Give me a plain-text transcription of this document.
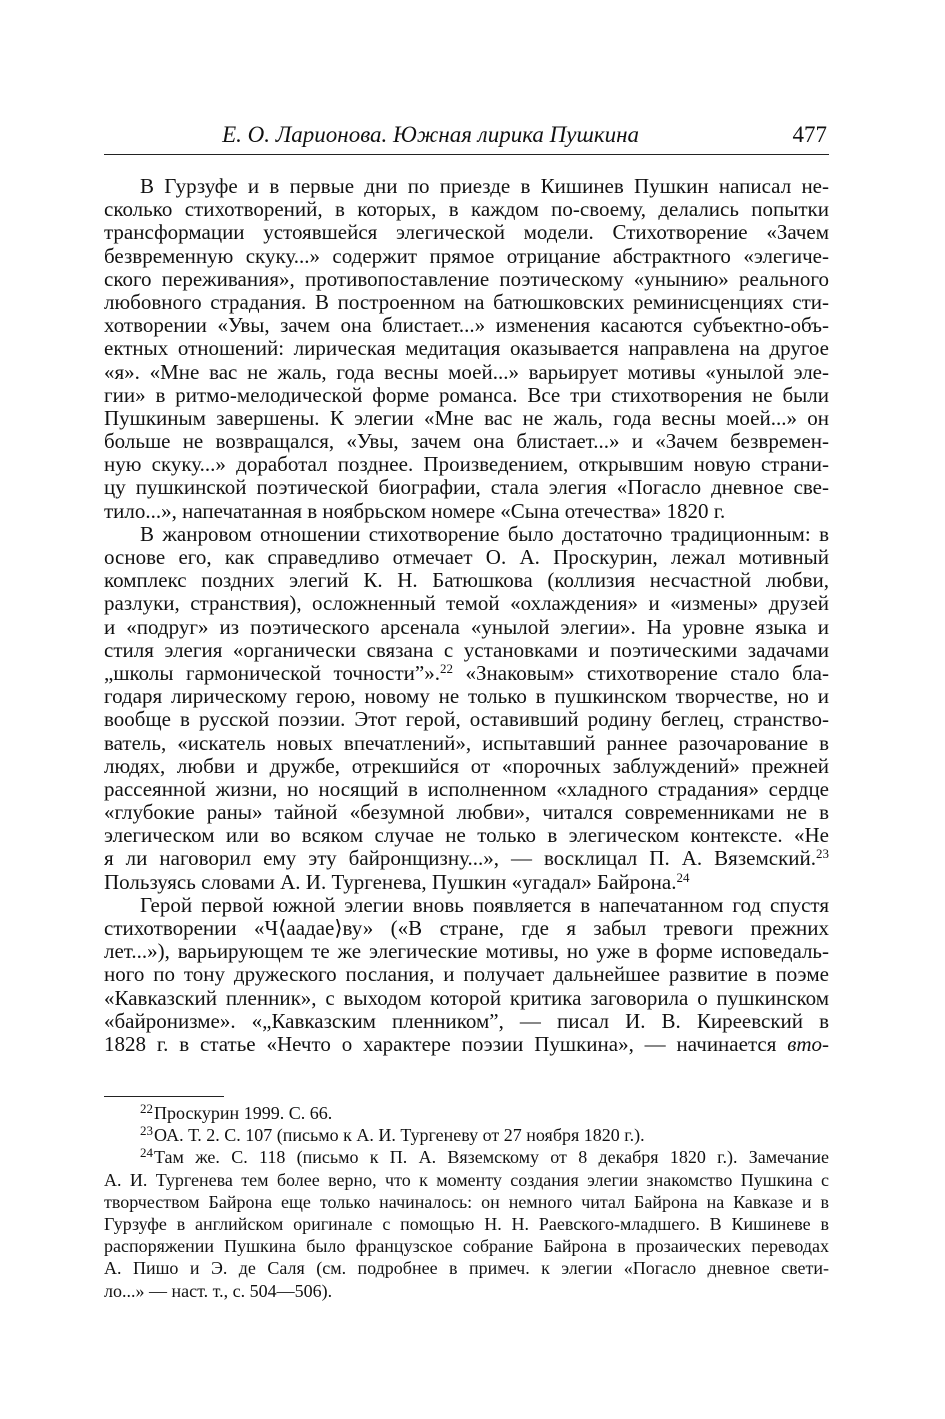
Е. О. Ларионова. Южная лирика Пушкина	477
В Гурзуфе и в первые дни по приезде в Кишинев Пушкин написал не-
сколько стихотворений, в которых, в каждом по-своему, делались попытки
трансформации устоявшейся элегической модели. Стихотворение «Зачем
безвременную скуку...» содержит прямое отрицание абстрактного «элегиче-
ского переживания», противопоставление поэтическому «унынию» реального
любовного страдания. В построенном на батюшковских реминисценциях сти-
хотворении «Увы, зачем она блистает...» изменения касаются субъектно-объ-
ектных отношений: лирическая медитация оказывается направлена на другое
«я». «Мне вас не жаль, года весны моей...» варьирует мотивы «унылой эле-
гии» в ритмо-мелодической форме романса. Все три стихотворения не были
Пушкиным завершены. К элегии «Мне вас не жаль, года весны моей...» он
больше не возвращался, «Увы, зачем она блистает...» и «Зачем безвремен-
ную скуку...» доработал позднее. Произведением, открывшим новую страни-
цу пушкинской поэтической биографии, стала элегия «Погасло дневное све-
тило...», напечатанная в ноябрьском номере «Сына отечества» 1820 г.
В жанровом отношении стихотворение было достаточно традиционным: в
основе его, как справедливо отмечает О. А. Проскурин, лежал мотивный
комплекс поздних элегий К. Н. Батюшкова (коллизия несчастной любви,
разлуки, странствия), осложненный темой «охлаждения» и «измены» друзей
и «подруг» из поэтического арсенала «унылой элегии». На уровне языка и
стиля элегия «органически связана с установками и поэтическими задачами
„школы гармонической точности”».$^{22}$ «Знаковым» стихотворение стало бла-
годаря лирическому герою, новому не только в пушкинском творчестве, но и
вообще в русской поэзии. Этот герой, оставивший родину беглец, странство-
ватель, «искатель новых впечатлений», испытавший раннее разочарование в
людях, любви и дружбе, отрекшийся от «порочных заблуждений» прежней
рассеянной жизни, но носящий в исполненном «хладного страдания» сердце
«глубокие раны» тайной «безумной любви», читался современниками не в
элегическом или во всяком случае не только в элегическом контексте. «Не
я ли наговорил ему эту байронщизну...», — восклицал П. А. Вяземский.$^{23}$
Пользуясь словами А. И. Тургенева, Пушкин «угадал» Байрона.$^{24}$
Герой первой южной элегии вновь появляется в напечатанном год спустя
стихотворении «Ч⟨аадае⟩ву» («В стране, где я забыл тревоги прежних
лет...»), варьирующем те же элегические мотивы, но уже в форме исповедаль-
ного по тону дружеского послания, и получает дальнейшее развитие в поэме
«Кавказский пленник», с выходом которой критика заговорила о пушкинском
«байронизме». «„Кавказским пленником”, — писал И. В. Киреевский в
1828 г. в статье «Нечто о характере поэзии Пушкина», — начинается вто-
$^{22}$Проскурин 1999. С. 66.
$^{23}$ОА. Т. 2. С. 107 (письмо к А. И. Тургеневу от 27 ноября 1820 г.).
$^{24}$Там же. С. 118 (письмо к П. А. Вяземскому от 8 декабря 1820 г.). Замечание
А. И. Тургенева тем более верно, что к моменту создания элегии знакомство Пушкина с
творчеством Байрона еще только начиналось: он немного читал Байрона на Кавказе и в
Гурзуфе в английском оригинале с помощью Н. Н. Раевского-младшего. В Кишиневе в
распоряжении Пушкина было французское собрание Байрона в прозаических переводах
А. Пишо и Э. де Саля (см. подробнее в примеч. к элегии «Погасло дневное свети-
ло...» — наст. т., с. 504—506).
